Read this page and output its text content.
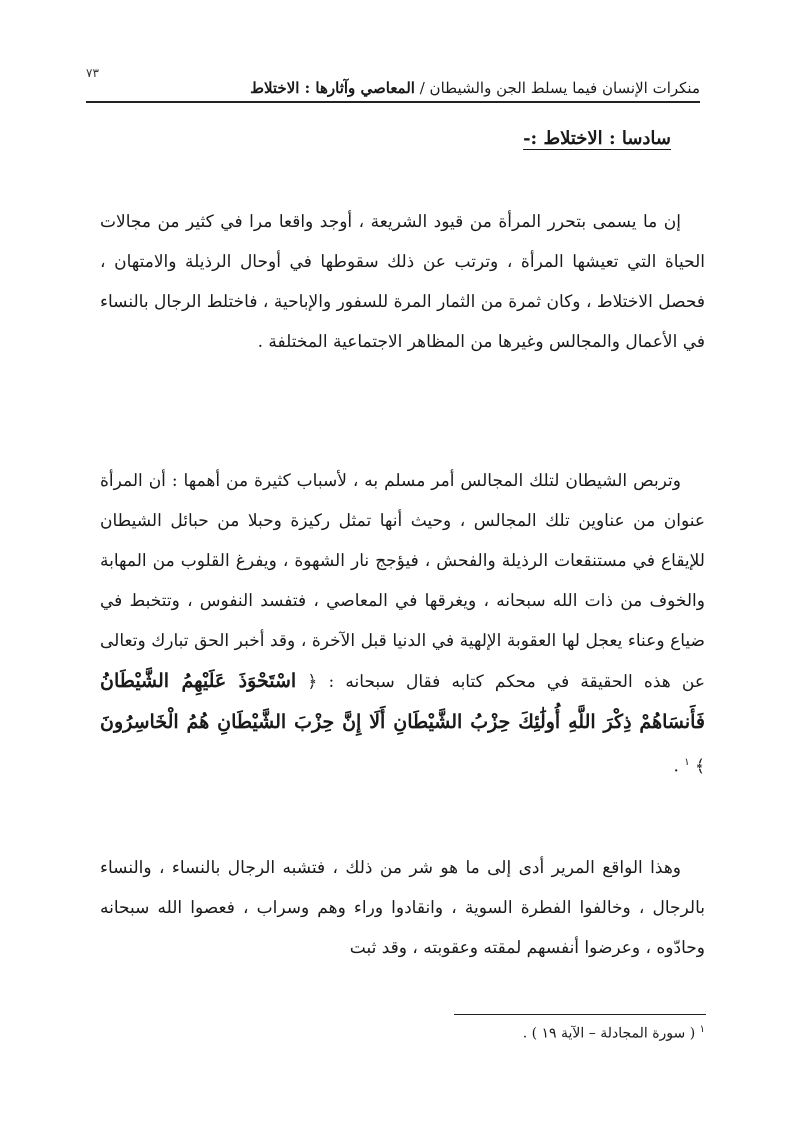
٧٣
منكرات الإنسان فيما يسلط الجن والشيطان / المعاصي وآثارها : الاختلاط
سادسا : الاختلاط :-

إن ما يسمى بتحرر المرأة من قيود الشريعة ، أوجد واقعا مرا في كثير من مجالات الحياة التي تعيشها المرأة ، وترتب عن ذلك سقوطها في أوحال الرذيلة والامتهان ، فحصل الاختلاط ، وكان ثمرة من الثمار المرة للسفور والإباحية ، فاختلط الرجال بالنساء في الأعمال والمجالس وغيرها من المظاهر الاجتماعية المختلفة .

وتربص الشيطان لتلك المجالس أمر مسلم به ، لأسباب كثيرة من أهمها : أن المرأة عنوان من عناوين تلك المجالس ، وحيث أنها تمثل ركيزة وحبلا من حبائل الشيطان للإيقاع في مستنقعات الرذيلة والفحش ، فيؤجج نار الشهوة ، ويفرغ القلوب من المهابة والخوف من ذات الله سبحانه ، ويغرقها في المعاصي ، فتفسد النفوس ، وتتخبط في ضياع وعناء يعجل لها العقوبة الإلهية في الدنيا قبل الآخرة ، وقد أخبر الحق تبارك وتعالى عن هذه الحقيقة في محكم كتابه فقال سبحانه : ﴿ اسْتَحْوَذَ عَلَيْهِمُ الشَّيْطَانُ فَأَنسَاهُمْ ذِكْرَ اللَّهِ أُولَٰئِكَ حِزْبُ الشَّيْطَانِ أَلَا إِنَّ حِزْبَ الشَّيْطَانِ هُمُ الْخَاسِرُونَ ﴾ $^١$ .

وهذا الواقع المرير أدى إلى ما هو شر من ذلك ، فتشبه الرجال بالنساء ، والنساء بالرجال ، وخالفوا الفطرة السوية ، وانقادوا وراء وهم وسراب ، فعصوا الله سبحانه وحادّوه ، وعرضوا أنفسهم لمقته وعقوبته ، وقد ثبت

$^١$ ( سورة المجادلة – الآية ١٩ ) .
